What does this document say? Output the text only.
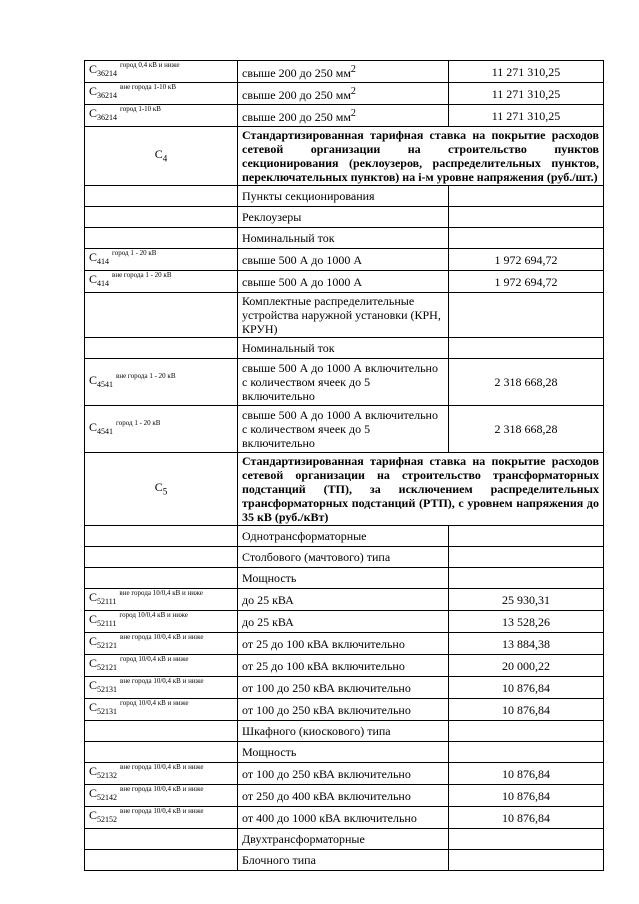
$C_{36214}^{город 0,4 кВ и ниже}$	свыше 200 до 250 $мм^2$	11 271 310,25
$C_{36214}^{вне города 1-10 кВ}$	свыше 200 до 250 $мм^2$	11 271 310,25
$C_{36214}^{город 1-10 кВ}$	свыше 200 до 250 $мм^2$	11 271 310,25
$C_4$	Стандартизированная тарифная ставка на покрытие расходов сетевой организации на строительство пунктов секционирования (реклоузеров, распределительных пунктов, переключательных пунктов) на i-м уровне напряжения (руб./шт.)	
	Пункты секционирования	
	Реклоузеры	
	Номинальный ток	
$C_{414}^{город 1 - 20 кВ}$	свыше 500 А до 1000 А	1 972 694,72
$C_{414}^{вне города 1 - 20 кВ}$	свыше 500 А до 1000 А	1 972 694,72
	Комплектные распределительные устройства наружной установки (КРН, КРУН)	
	Номинальный ток	
$C_{4541}^{вне города 1 - 20 кВ}$	свыше 500 А до 1000 А включительно с количеством ячеек до 5 включительно	2 318 668,28
$C_{4541}^{город 1 - 20 кВ}$	свыше 500 А до 1000 А включительно с количеством ячеек до 5 включительно	2 318 668,28
$C_5$	Стандартизированная тарифная ставка на покрытие расходов сетевой организации на строительство трансформаторных подстанций (ТП), за исключением распределительных трансформаторных подстанций (РТП), с уровнем напряжения до 35 кВ (руб./кВт)	
	Однотрансформаторные	
	Столбового (мачтового) типа	
	Мощность	
$C_{52111}^{вне города 10/0,4 кВ и ниже}$	до 25 кВА	25 930,31
$C_{52111}^{город 10/0,4 кВ и ниже}$	до 25 кВА	13 528,26
$C_{52121}^{вне города 10/0,4 кВ и ниже}$	от 25 до 100 кВА включительно	13 884,38
$C_{52121}^{город 10/0,4 кВ и ниже}$	от 25 до 100 кВА включительно	20 000,22
$C_{52131}^{вне города 10/0,4 кВ и ниже}$	от 100 до 250 кВА включительно	10 876,84
$C_{52131}^{город 10/0,4 кВ и ниже}$	от 100 до 250 кВА включительно	10 876,84
	Шкафного (киоскового) типа	
	Мощность	
$C_{52132}^{вне города 10/0,4 кВ и ниже}$	от 100 до 250 кВА включительно	10 876,84
$C_{52142}^{вне города 10/0,4 кВ и ниже}$	от 250 до 400 кВА включительно	10 876,84
$C_{52152}^{вне города 10/0,4 кВ и ниже}$	от 400 до 1000 кВА включительно	10 876,84
	Двухтрансформаторные	
	Блочного типа	
